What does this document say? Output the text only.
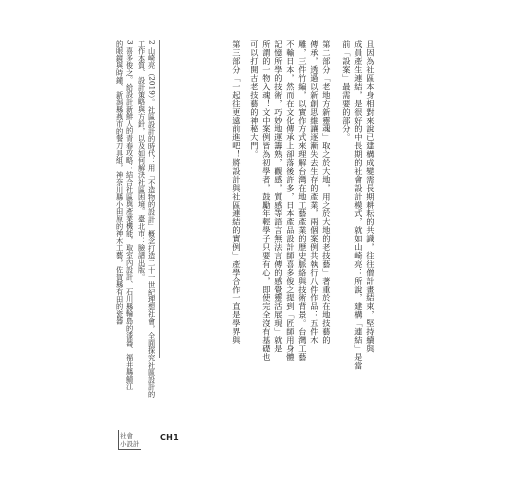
且因為社區本身相對來說已建構成變需長期耕耘的共識，往往僧計畫結束，堅持續與
成員產生連結，是很好的中長期的社會設計模式，就如山崎亮：所說，建構「連結」是當
前「設案」最需要的部分。
第二部分「老地方新靈魂」取之於大地，用之於大地的老技藝」著重於在地技藝的
傳承，透過以新創思維讓逐漸失去生存的產業，兩個案例共執行八件作品：五件木
雕，三件竹編，以實作方式來理解台灣在地工藝產業的歷史脈絡與技術背景。台灣工藝
不輸日本，然而在文化傳承上卻落後許多，日本產品設計師喜多俊之提到「匠師用身體
記憶所學的技術，巧妙地運籌熟，觀感，質感等語言無法言傳的感覺靈活展現」就是
所謂的一物入魂！文中案例皆為初學者，鼓勵年輕學子只要有心，即使完全沒有基礎也
可以打開古老技藝的神秘大門。
第三部分「一起往更遠前進吧！將設計與社區連結的實例」產學合作一直是學界與
2 山崎亮（2019）。社區設計的時代：用「不造物的設計」概念打造二十一世紀理想社會，全面探究社區設計的
工作本質、設計策略與方針，以及如何解決社區困境。臺北市：臉譜出版。
3 喜多俊之。給設計新鮮人的青春攻略：結合社區與產業機能，取室內設計、石川縣輪島的漆器、福井縣鯖江
的眼鏡與時鐘、新潟縣燕市的餐刀具組，神奈川縣小田原的神木工藝，佐賀縣有田的瓷器
社會
小設計
CH1
